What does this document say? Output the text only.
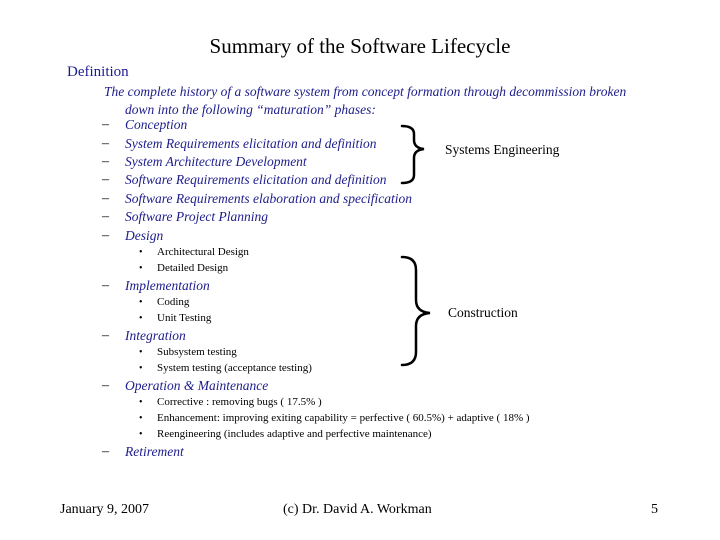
Summary of the Software Lifecycle
Definition
The complete history of a software system from concept formation through decommission broken
down into the following “maturation” phases:
– Conception
– System Requirements elicitation and definition
– System Architecture Development
– Software Requirements elicitation and definition
– Software Requirements elaboration and specification
– Software Project Planning
– Design
• Architectural Design
• Detailed Design
– Implementation
• Coding
• Unit Testing
– Integration
• Subsystem testing
• System testing (acceptance testing)
– Operation & Maintenance
• Corrective : removing bugs ( 17.5% )
• Enhancement: improving exiting capability = perfective ( 60.5%) + adaptive ( 18% )
• Reengineering (includes adaptive and perfective maintenance)
– Retirement
Systems Engineering
Construction
January 9, 2007	(c) Dr. David A. Workman	5
